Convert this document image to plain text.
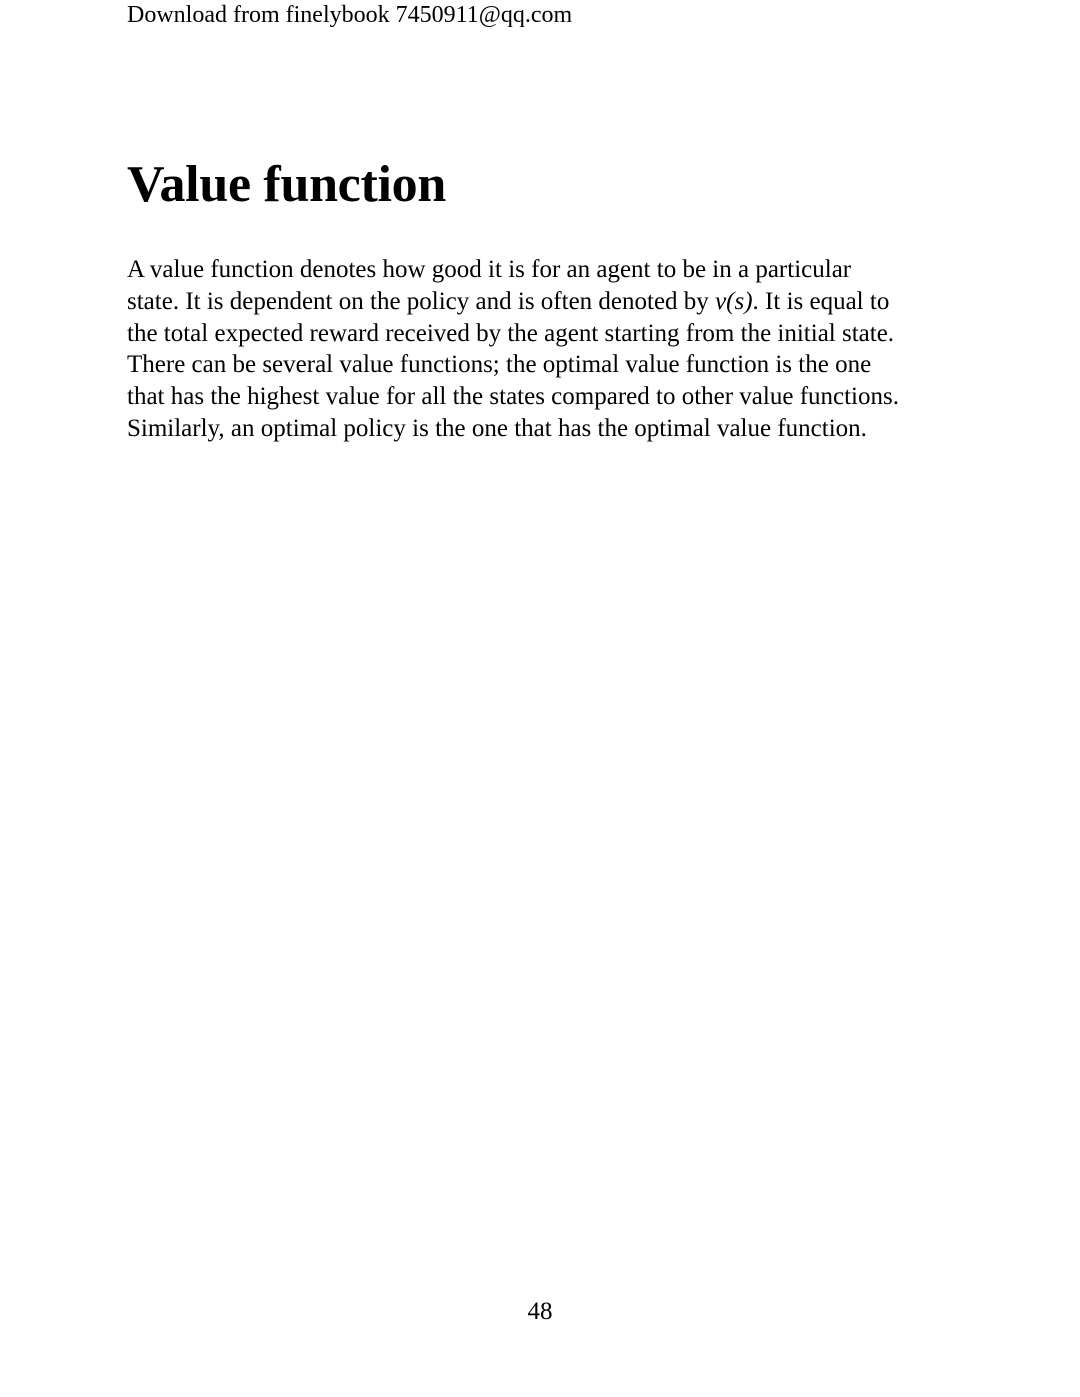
Download from finelybook 7450911@qq.com
Value function

A value function denotes how good it is for an agent to be in a particular
state. It is dependent on the policy and is often denoted by v(s). It is equal to
the total expected reward received by the agent starting from the initial state.
There can be several value functions; the optimal value function is the one
that has the highest value for all the states compared to other value functions.
Similarly, an optimal policy is the one that has the optimal value function.

48
